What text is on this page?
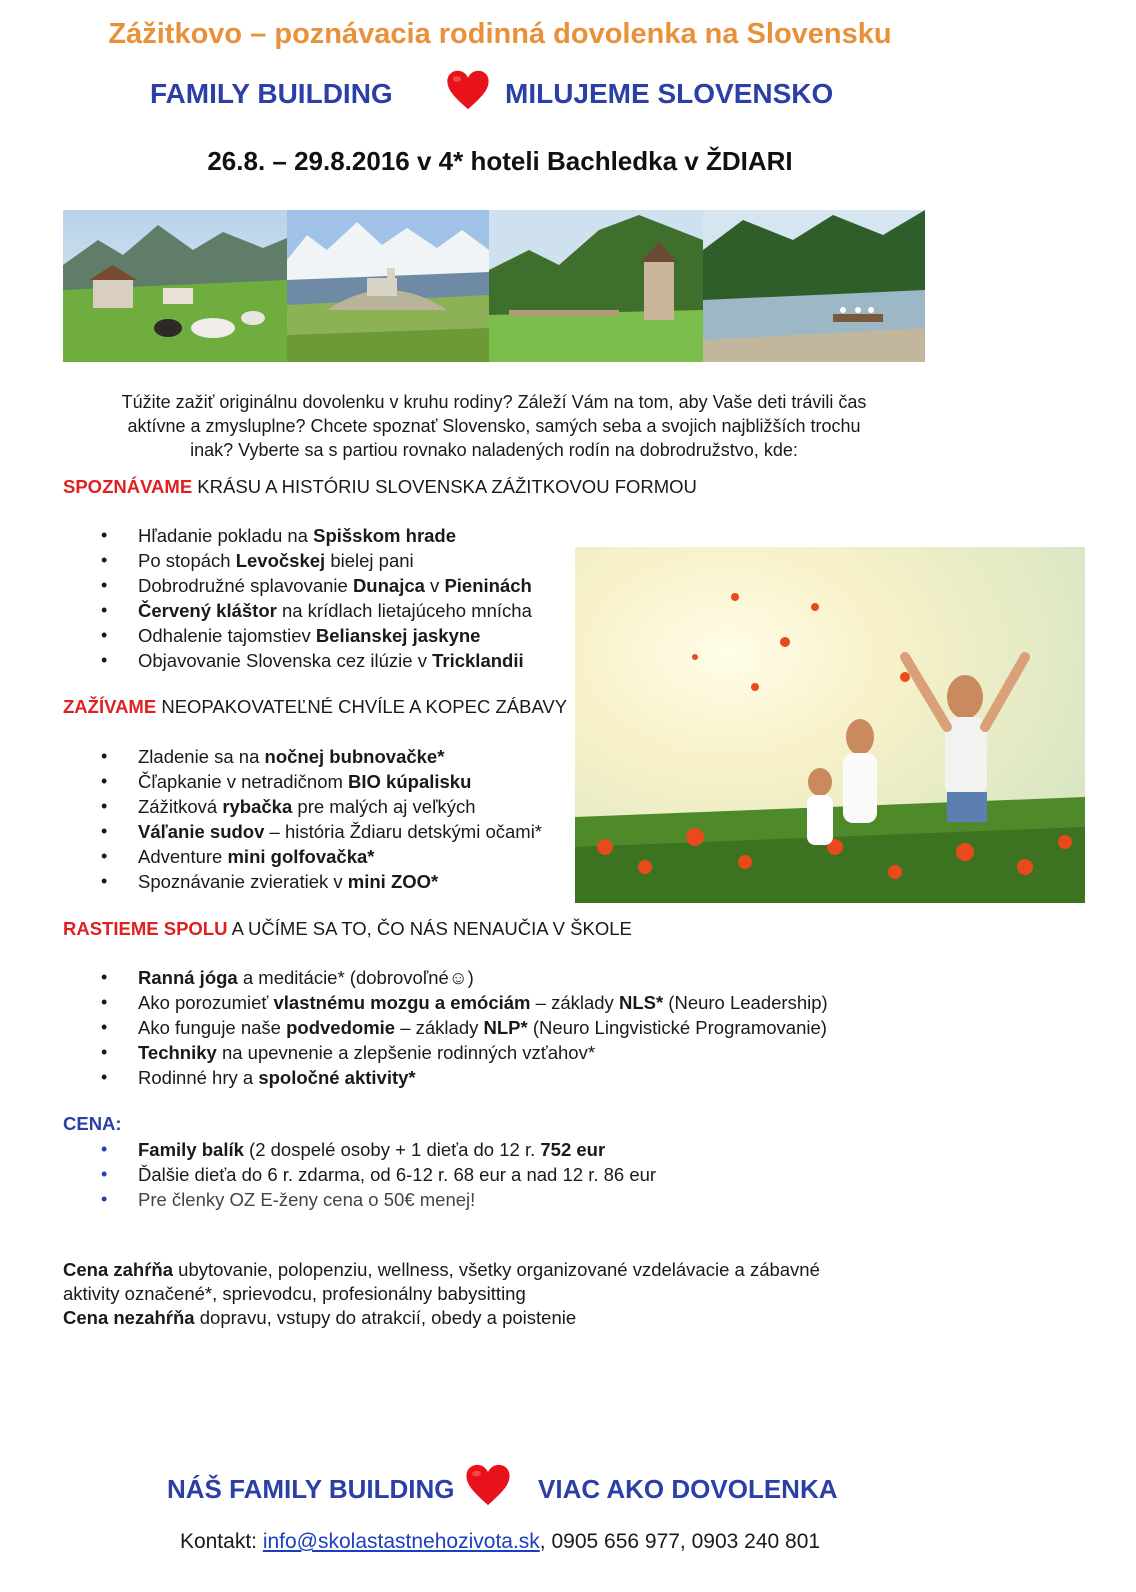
Zážitkovo – poznávacia rodinná dovolenka na Slovensku
FAMILY BUILDING	MILUJEME SLOVENSKO
26.8. – 29.8.2016 v 4* hoteli Bachledka v ŽDIARI
Túžite zažiť originálnu dovolenku v kruhu rodiny? Záleží Vám na tom, aby Vaše deti trávili čas
aktívne a zmysluplne? Chcete spoznať Slovensko, samých seba a svojich najbližších trochu
inak? Vyberte sa s partiou rovnako naladených rodín na dobrodružstvo, kde:
SPOZNÁVAME KRÁSU A HISTÓRIU SLOVENSKA ZÁŽITKOVOU FORMOU
• Hľadanie pokladu na Spišskom hrade
• Po stopách Levočskej bielej pani
• Dobrodružné splavovanie Dunajca v Pieninách
• Červený kláštor na krídlach lietajúceho mnícha
• Odhalenie tajomstiev Belianskej jaskyne
• Objavovanie Slovenska cez ilúzie v Tricklandii
ZAŽÍVAME NEOPAKOVATEĽNÉ CHVÍLE A KOPEC ZÁBAVY
• Zladenie sa na nočnej bubnovačke*
• Čľapkanie v netradičnom BIO kúpalisku
• Zážitková rybačka pre malých aj veľkých
• Váľanie sudov – história Ždiaru detskými očami*
• Adventure mini golfovačka*
• Spoznávanie zvieratiek v mini ZOO*
RASTIEME SPOLU A UČÍME SA TO, ČO NÁS NENAUČIA V ŠKOLE
• Ranná jóga a meditácie* (dobrovoľné☺)
• Ako porozumieť vlastnému mozgu a emóciám – základy NLS* (Neuro Leadership)
• Ako funguje naše podvedomie – základy NLP* (Neuro Lingvistické Programovanie)
• Techniky na upevnenie a zlepšenie rodinných vzťahov*
• Rodinné hry a spoločné aktivity*
CENA:
• Family balík (2 dospelé osoby + 1 dieťa do 12 r. 752 eur
• Ďalšie dieťa do 6 r. zdarma, od 6-12 r. 68 eur a nad 12 r. 86 eur
• Pre členky OZ E-ženy cena o 50€ menej!
Cena zahŕňa ubytovanie, polopenziu, wellness, všetky organizované vzdelávacie a zábavné
aktivity označené*, sprievodcu, profesionálny babysitting
Cena nezahŕňa dopravu, vstupy do atrakcií, obedy a poistenie
NÁŠ FAMILY BUILDING	VIAC AKO DOVOLENKA
Kontakt: info@skolastastnehozivota.sk, 0905 656 977, 0903 240 801
